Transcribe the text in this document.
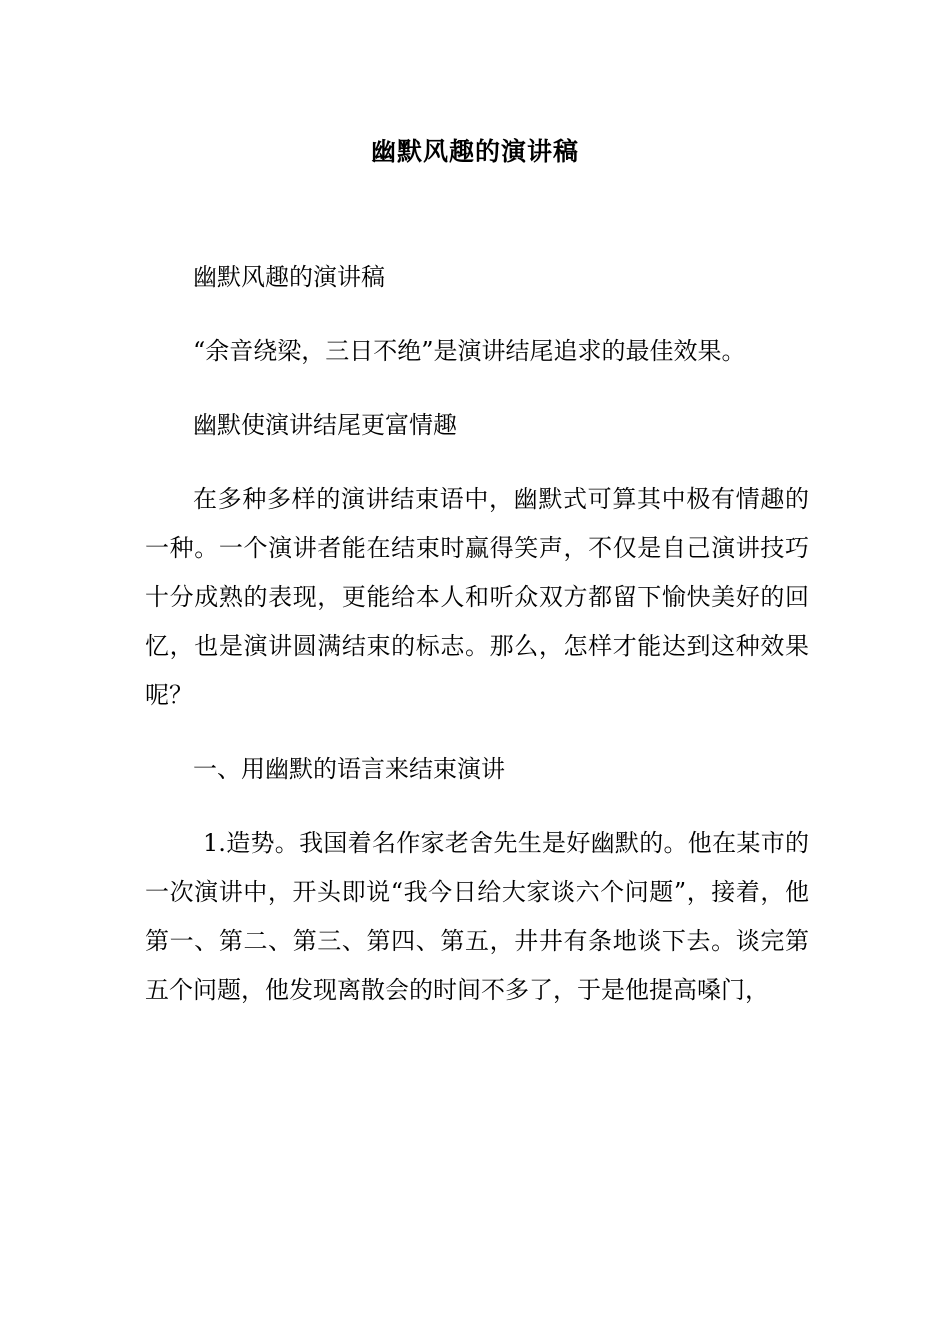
幽默风趣的演讲稿

幽默风趣的演讲稿

“余音绕梁，三日不绝”是演讲结尾追求的最佳效果。

幽默使演讲结尾更富情趣

在多种多样的演讲结束语中，幽默式可算其中极有情趣的一种。一个演讲者能在结束时赢得笑声，不仅是自己演讲技巧十分成熟的表现，更能给本人和听众双方都留下愉快美好的回忆，也是演讲圆满结束的标志。那么，怎样才能达到这种效果呢？

一、用幽默的语言来结束演讲

1.造势。我国着名作家老舍先生是好幽默的。他在某市的一次演讲中，开头即说“我今日给大家谈六个问题”，接着，他第一、第二、第三、第四、第五，井井有条地谈下去。谈完第五个问题，他发现离散会的时间不多了，于是他提高嗓门，
